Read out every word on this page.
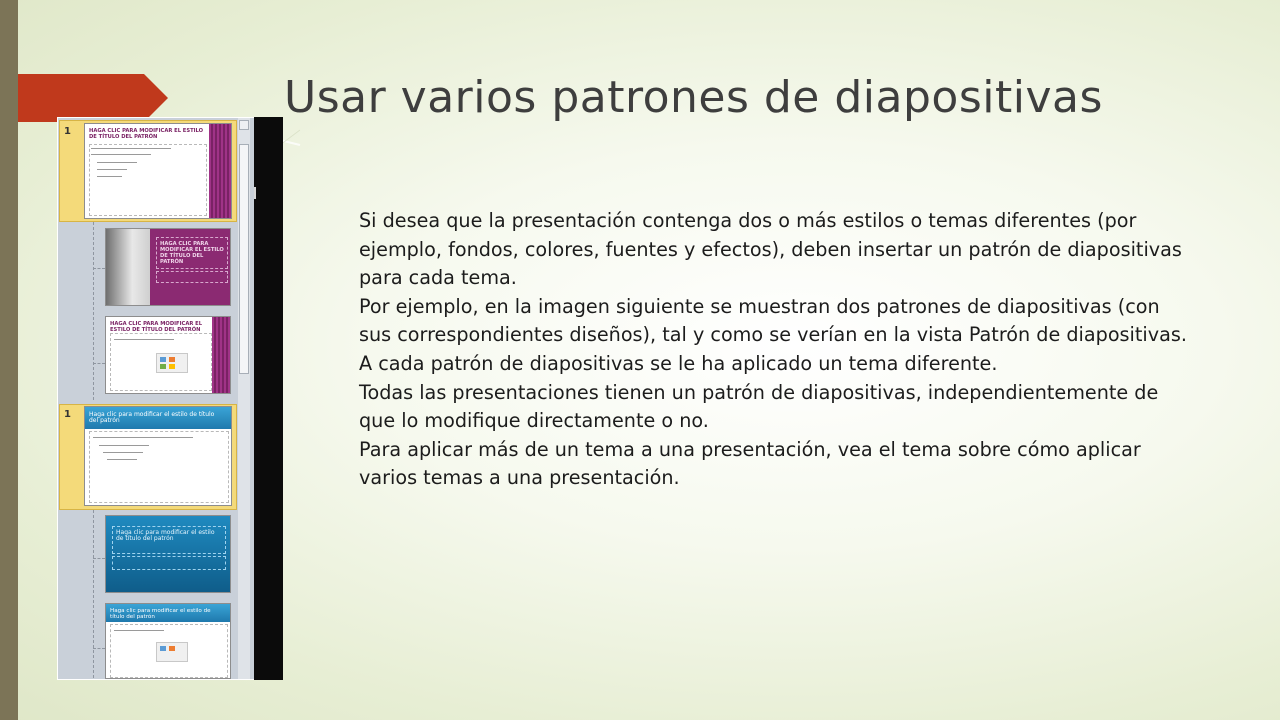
Usar varios patrones de diapositivas

Si desea que la presentación contenga dos o más estilos o temas diferentes (por ejemplo, fondos, colores, fuentes y efectos), deben insertar un patrón de diapositivas para cada tema.

Por ejemplo, en la imagen siguiente se muestran dos patrones de diapositivas (con sus correspondientes diseños), tal y como se verían en la vista Patrón de diapositivas. A cada patrón de diapositivas se le ha aplicado un tema diferente.

Todas las presentaciones tienen un patrón de diapositivas, independientemente de que lo modifique directamente o no.

Para aplicar más de un tema a una presentación, vea el tema sobre cómo aplicar varios temas a una presentación.

1
1
HAGA CLIC PARA MODIFICAR EL ESTILO DE TÍTULO DEL PATRÓN
HAGA CLIC PARA MODIFICAR EL ESTILO DE TÍTULO DEL PATRÓN
HAGA CLIC PARA MODIFICAR EL ESTILO DE TÍTULO DEL PATRÓN
Haga clic para modificar el estilo de título del patrón
Haga clic para modificar el estilo de título del patrón
Haga clic para modificar el estilo de título del patrón
